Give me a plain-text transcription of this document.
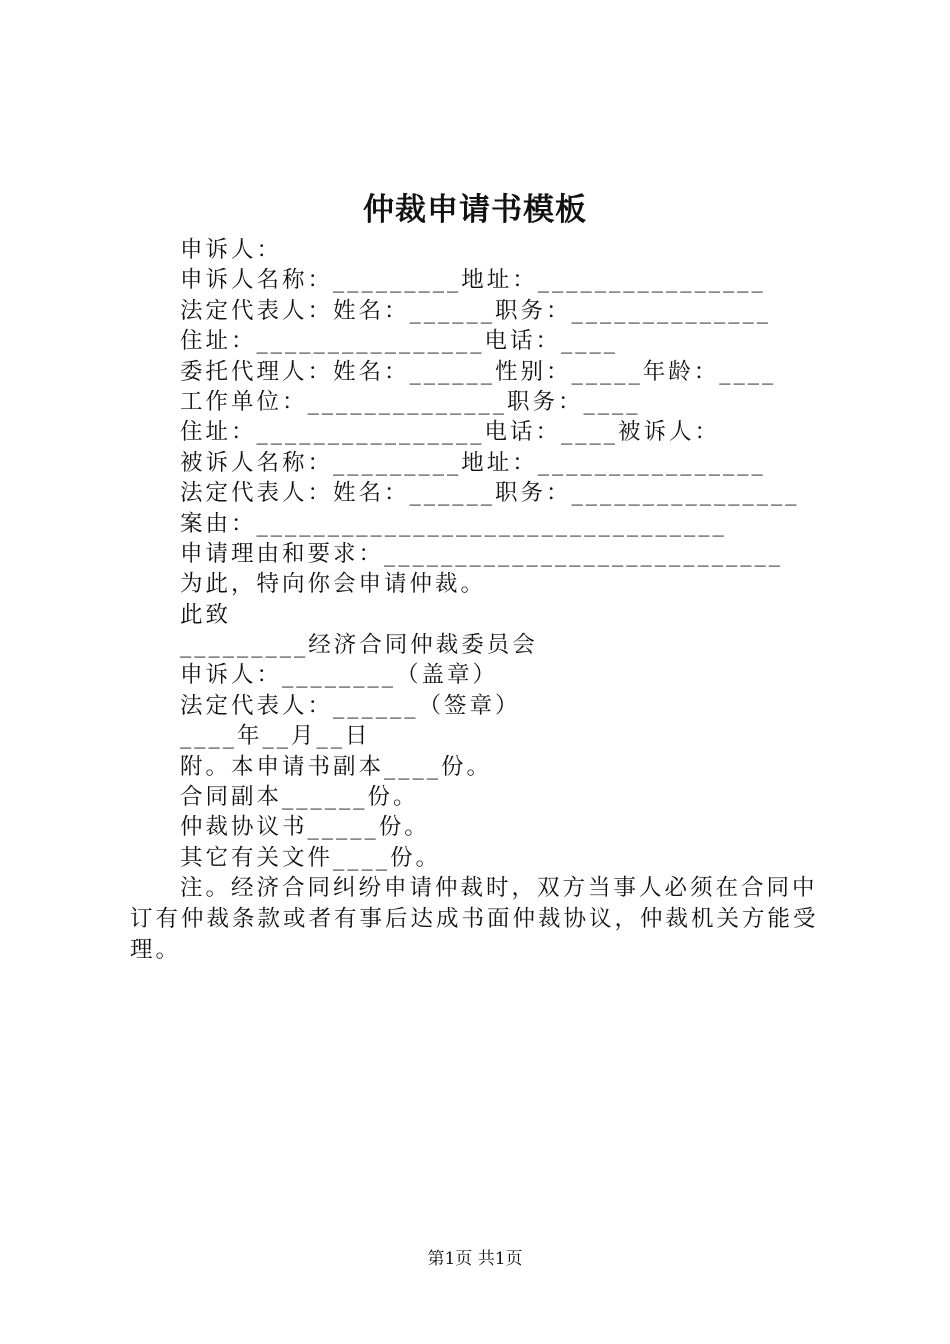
仲裁申请书模板
申诉人：
申诉人名称：_________地址：________________
法定代表人：姓名：______职务：______________
住址：________________电话：____
委托代理人：姓名：______性别：_____年龄：____
工作单位：______________职务：____
住址：________________电话：____被诉人：
被诉人名称：_________地址：________________
法定代表人：姓名：______职务：________________
案由：_________________________________
申请理由和要求：____________________________
为此，特向你会申请仲裁。
此致
_________经济合同仲裁委员会
申诉人：________（盖章）
法定代表人：______（签章）
____年__月__日
附。本申请书副本____份。
合同副本______份。
仲裁协议书_____份。
其它有关文件____份。
注。经济合同纠纷申请仲裁时，双方当事人必须在合同中订有仲裁条款或者有事后达成书面仲裁协议，仲裁机关方能受理。
第1页 共1页
